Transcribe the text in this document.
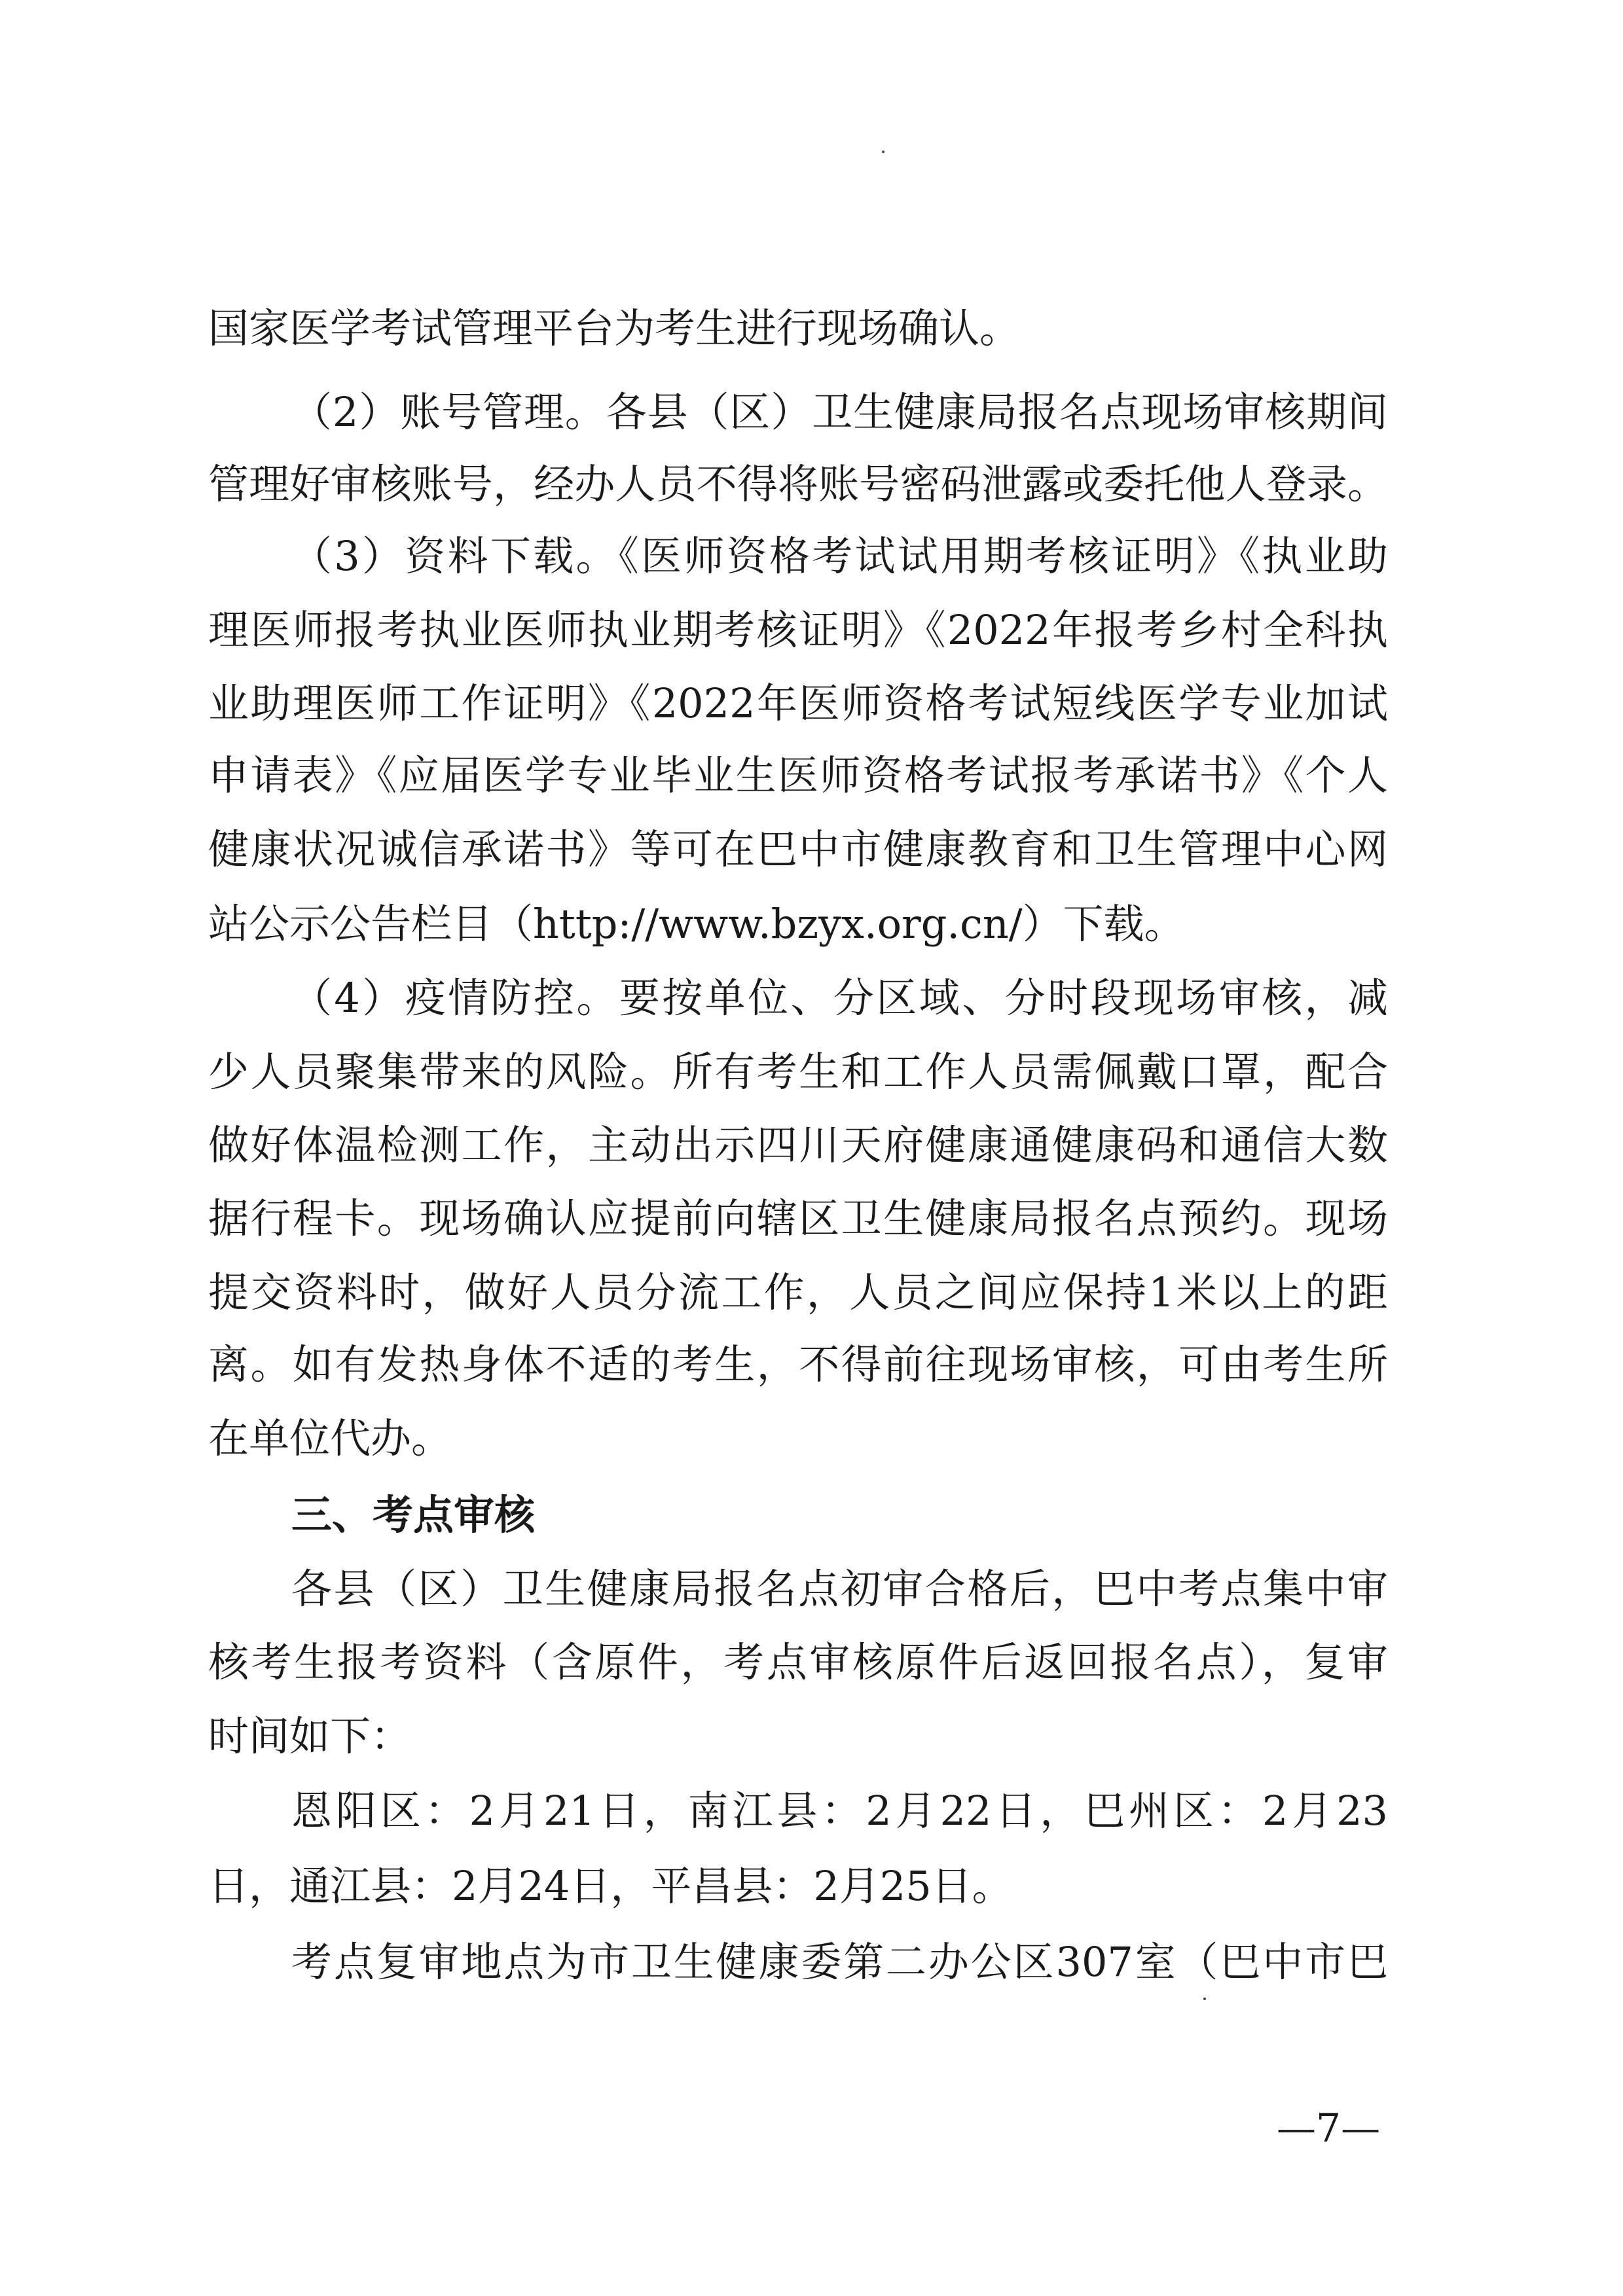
国家医学考试管理平台为考生进行现场确认。
（2）账号管理。各县（区）卫生健康局报名点现场审核期间
管理好审核账号，经办人员不得将账号密码泄露或委托他人登录。
（3）资料下载。《医师资格考试试用期考核证明》《执业助
理医师报考执业医师执业期考核证明》《2022年报考乡村全科执
业助理医师工作证明》《2022年医师资格考试短线医学专业加试
申请表》《应届医学专业毕业生医师资格考试报考承诺书》《个人
健康状况诚信承诺书》等可在巴中市健康教育和卫生管理中心网
站公示公告栏目（http://www.bzyx.org.cn/）下载。
（4）疫情防控。要按单位、分区域、分时段现场审核，减
少人员聚集带来的风险。所有考生和工作人员需佩戴口罩，配合
做好体温检测工作，主动出示四川天府健康通健康码和通信大数
据行程卡。现场确认应提前向辖区卫生健康局报名点预约。现场
提交资料时，做好人员分流工作，人员之间应保持1米以上的距
离。如有发热身体不适的考生，不得前往现场审核，可由考生所
在单位代办。
三、考点审核
各县（区）卫生健康局报名点初审合格后，巴中考点集中审
核考生报考资料（含原件，考点审核原件后返回报名点），复审
时间如下：
恩阳区：2月21日，南江县：2月22日，巴州区：2月23
日，通江县：2月24日，平昌县：2月25日。
考点复审地点为市卫生健康委第二办公区307室（巴中市巴
—7—
